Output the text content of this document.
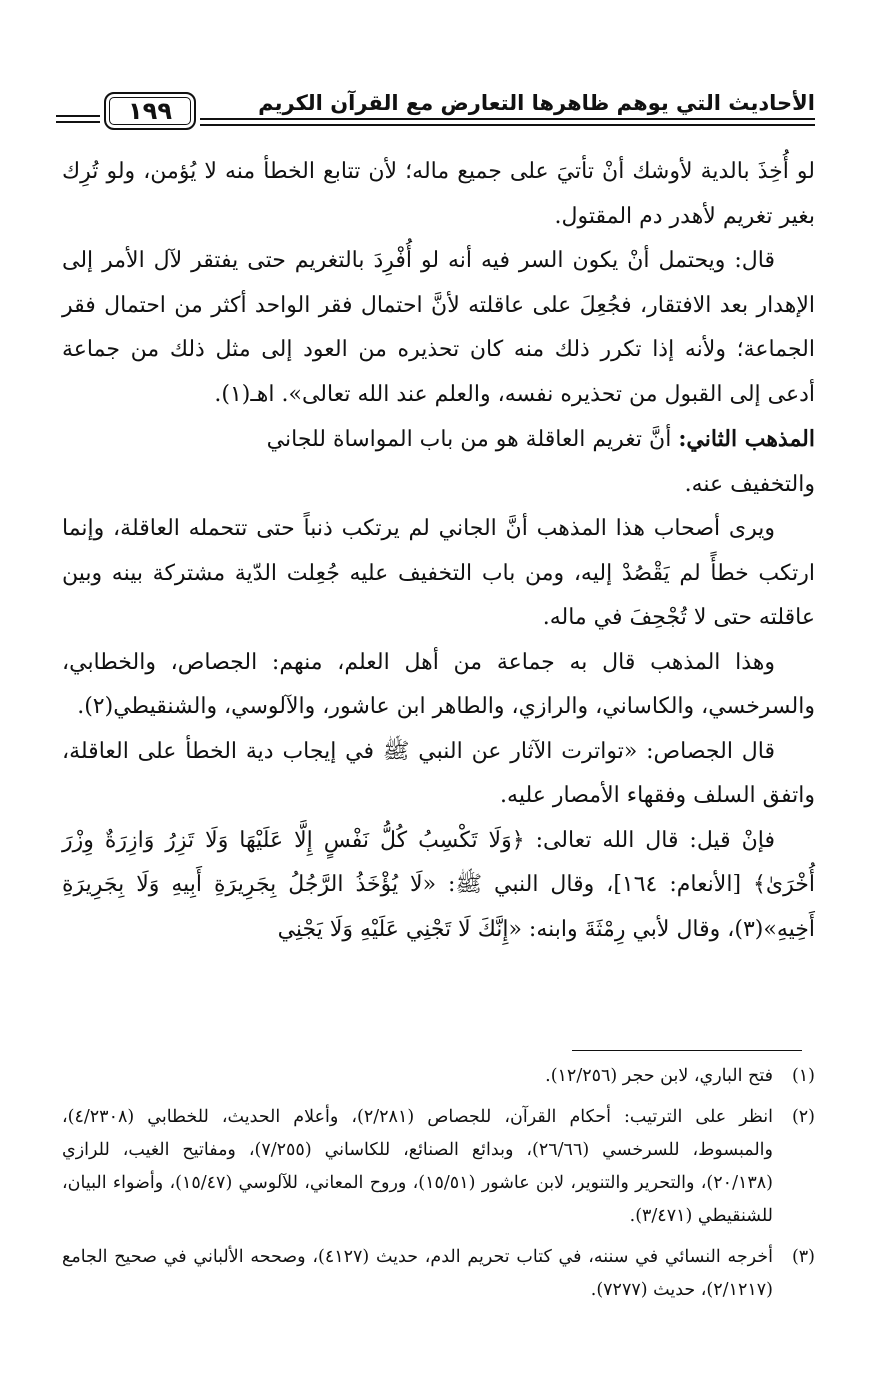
١٩٩	الأحاديث التي يوهم ظاهرها التعارض مع القرآن الكريم

لو أُخِذَ بالدية لأوشك أنْ تأتيَ على جميع ماله؛ لأن تتابع الخطأ منه لا يُؤمن، ولو تُرِك بغير تغريم لأهدر دم المقتول.

قال: ويحتمل أنْ يكون السر فيه أنه لو أُفْرِدَ بالتغريم حتى يفتقر لآل الأمر إلى الإهدار بعد الافتقار، فجُعِلَ على عاقلته لأنَّ احتمال فقر الواحد أكثر من احتمال فقر الجماعة؛ ولأنه إذا تكرر ذلك منه كان تحذيره من العود إلى مثل ذلك من جماعة أدعى إلى القبول من تحذيره نفسه، والعلم عند الله تعالى». اهـ(١).

المذهب الثاني: أنَّ تغريم العاقلة هو من باب المواساة للجاني

والتخفيف عنه.

ويرى أصحاب هذا المذهب أنَّ الجاني لم يرتكب ذنباً حتى تتحمله العاقلة، وإنما ارتكب خطأً لم يَقْصُدْ إليه، ومن باب التخفيف عليه جُعِلت الدّية مشتركة بينه وبين عاقلته حتى لا تُجْحِفَ في ماله.

وهذا المذهب قال به جماعة من أهل العلم، منهم: الجصاص، والخطابي، والسرخسي، والكاساني، والرازي، والطاهر ابن عاشور، والآلوسي، والشنقيطي(٢).

قال الجصاص: «تواترت الآثار عن النبي ﷺ في إيجاب دية الخطأ على العاقلة، واتفق السلف وفقهاء الأمصار عليه.

فإنْ قيل: قال الله تعالى: ﴿وَلَا تَكْسِبُ كُلُّ نَفْسٍ إِلَّا عَلَيْهَا وَلَا تَزِرُ وَازِرَةٌ وِزْرَ أُخْرَىٰ﴾ [الأنعام: ١٦٤]، وقال النبي ﷺ: «لَا يُؤْخَذُ الرَّجُلُ بِجَرِيرَةِ أَبِيهِ وَلَا بِجَرِيرَةِ أَخِيهِ»(٣)، وقال لأبي رِمْثَةَ وابنه: «إِنَّكَ لَا تَجْنِي عَلَيْهِ وَلَا يَجْنِي

(١)
فتح الباري، لابن حجر (١٢/٢٥٦).
(٢)
انظر على الترتيب: أحكام القرآن، للجصاص (٢/٢٨١)، وأعلام الحديث، للخطابي (٤/٢٣٠٨)، والمبسوط، للسرخسي (٢٦/٦٦)، وبدائع الصنائع، للكاساني (٧/٢٥٥)، ومفاتيح الغيب، للرازي (٢٠/١٣٨)، والتحرير والتنوير، لابن عاشور (١٥/٥١)، وروح المعاني، للآلوسي (١٥/٤٧)، وأضواء البيان، للشنقيطي (٣/٤٧١).
(٣)
أخرجه النسائي في سننه، في كتاب تحريم الدم، حديث (٤١٢٧)، وصححه الألباني في صحيح الجامع (٢/١٢١٧)، حديث (٧٢٧٧).
